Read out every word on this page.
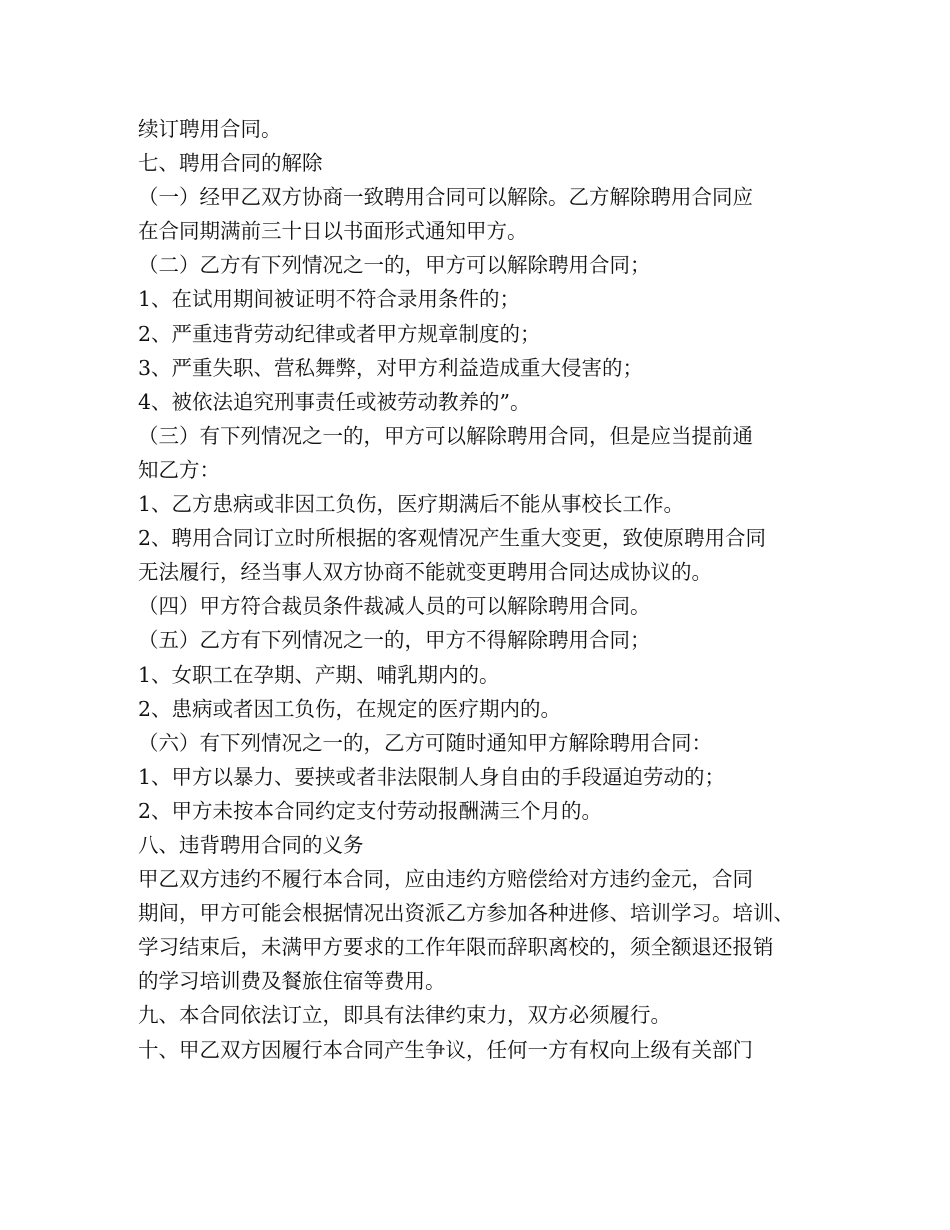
续订聘用合同。
七、聘用合同的解除
（一）经甲乙双方协商一致聘用合同可以解除。乙方解除聘用合同应
在合同期满前三十日以书面形式通知甲方。
（二）乙方有下列情况之一的，甲方可以解除聘用合同；
1、在试用期间被证明不符合录用条件的；
2、严重违背劳动纪律或者甲方规章制度的；
3、严重失职、营私舞弊，对甲方利益造成重大侵害的；
4、被依法追究刑事责任或被劳动教养的”。
（三）有下列情况之一的，甲方可以解除聘用合同，但是应当提前通
知乙方：
1、乙方患病或非因工负伤，医疗期满后不能从事校长工作。
2、聘用合同订立时所根据的客观情况产生重大变更，致使原聘用合同
无法履行，经当事人双方协商不能就变更聘用合同达成协议的。
（四）甲方符合裁员条件裁减人员的可以解除聘用合同。
（五）乙方有下列情况之一的，甲方不得解除聘用合同；
1、女职工在孕期、产期、哺乳期内的。
2、患病或者因工负伤，在规定的医疗期内的。
（六）有下列情况之一的，乙方可随时通知甲方解除聘用合同：
1、甲方以暴力、要挟或者非法限制人身自由的手段逼迫劳动的；
2、甲方未按本合同约定支付劳动报酬满三个月的。
八、违背聘用合同的义务
甲乙双方违约不履行本合同，应由违约方赔偿给对方违约金元，合同
期间，甲方可能会根据情况出资派乙方参加各种进修、培训学习。培训、
学习结束后，未满甲方要求的工作年限而辞职离校的，须全额退还报销
的学习培训费及餐旅住宿等费用。
九、本合同依法订立，即具有法律约束力，双方必须履行。
十、甲乙双方因履行本合同产生争议，任何一方有权向上级有关部门
